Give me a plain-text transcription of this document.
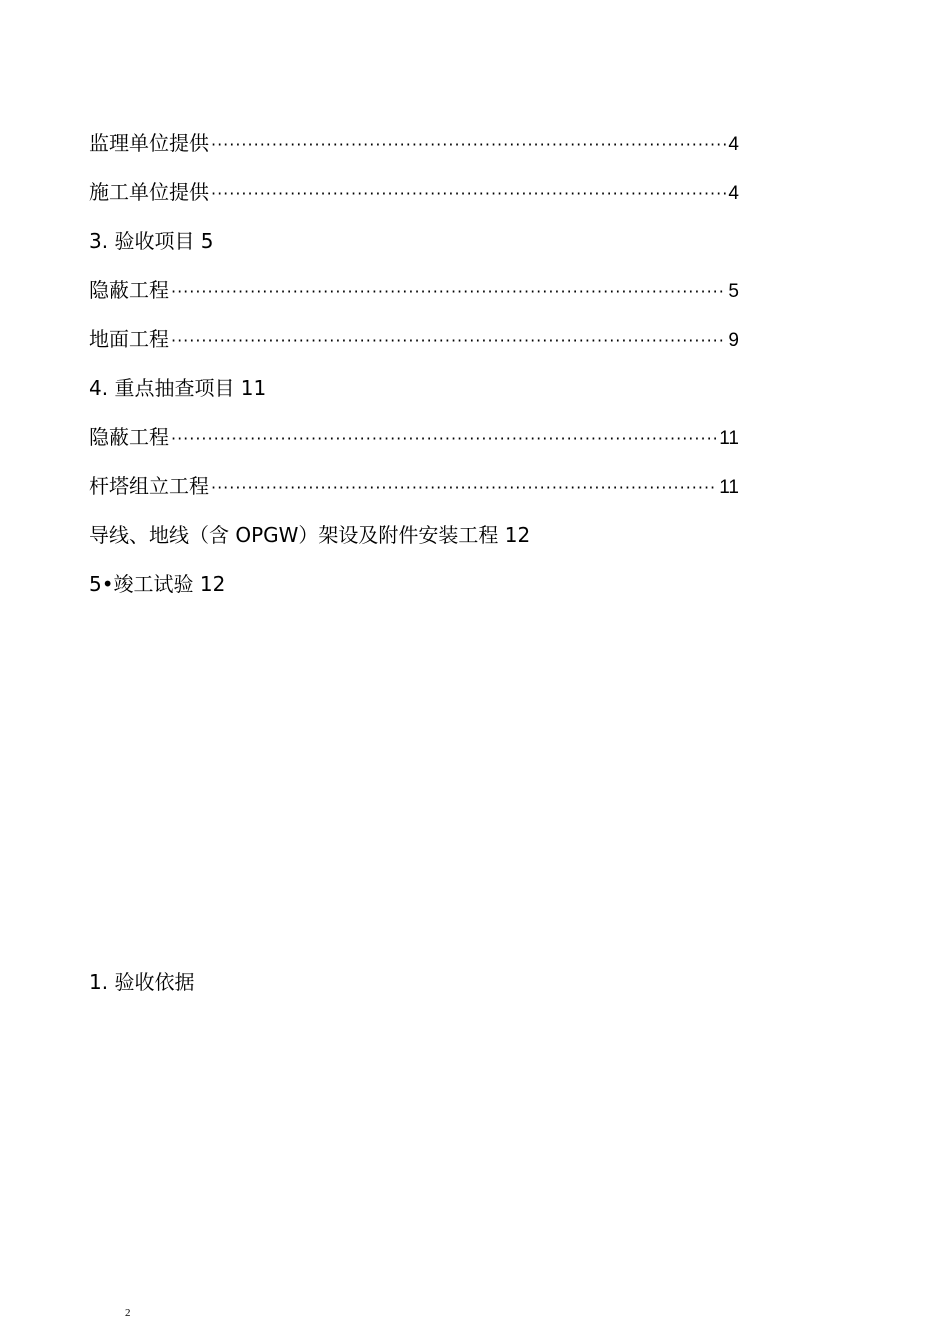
监理单位提供 ·····	4
施工单位提供 ·····	4
3. 验收项目 5
隐蔽工程 ·····	5
地面工程 ·····	9
4. 重点抽查项目 11
隐蔽工程 ·····	11
杆塔组立工程 ·····	11
导线、地线（含 OPGW）架设及附件安装工程 12
5•竣工试验 12
1. 验收依据
2
